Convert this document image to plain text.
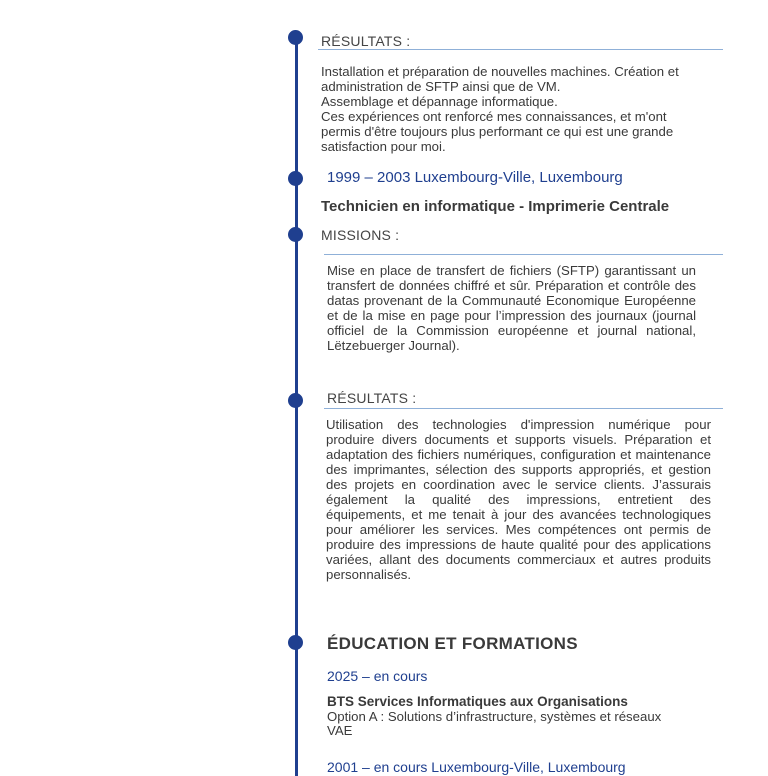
RÉSULTATS :

Installation et préparation de nouvelles machines. Création et

administration de SFTP ainsi que de VM.

Assemblage et dépannage informatique.

Ces expériences ont renforcé mes connaissances, et m'ont

permis d'être toujours plus performant ce qui est une grande

satisfaction pour moi.

1999 – 2003 Luxembourg-Ville, Luxembourg
Technicien en informatique - Imprimerie Centrale
MISSIONS :
Mise en place de transfert de fichiers (SFTP) garantissant un transfert de données chiffré et sûr. Préparation et contrôle des datas provenant de la Communauté Economique Européenne et de la mise en page pour l’impression des journaux (journal officiel de la Commission européenne et journal national, Lëtzebuerger Journal).
RÉSULTATS :
Utilisation des technologies d'impression numérique pour produire divers documents et supports visuels. Préparation et adaptation des fichiers numériques, configuration et maintenance des imprimantes, sélection des supports appropriés, et gestion des projets en coordination avec le service clients. J’assurais également la qualité des impressions, entretient des équipements, et me tenait à jour des avancées technologiques pour améliorer les services. Mes compétences ont permis de produire des impressions de haute qualité pour des applications variées, allant des documents commerciaux et autres produits personnalisés.
ÉDUCATION ET FORMATIONS
2025 – en cours
BTS Services Informatiques aux Organisations
Option A : Solutions d’infrastructure, systèmes et réseaux
VAE
2001 – en cours Luxembourg-Ville, Luxembourg
